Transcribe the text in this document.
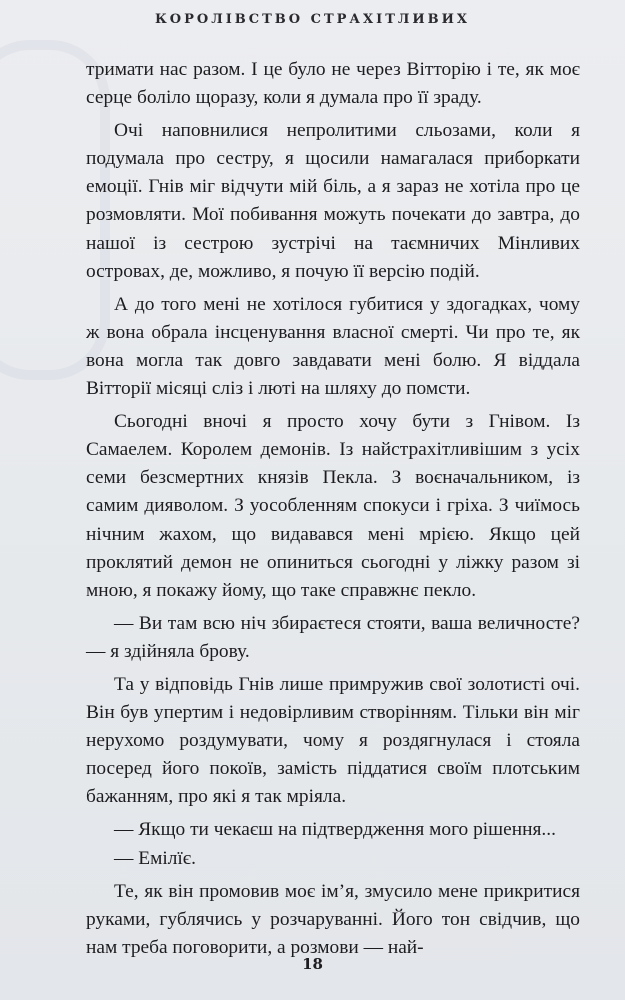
КОРОЛІВСТВО СТРАХІТЛИВИХ

тримати нас разом. І це було не через Вітторію і те, як моє серце боліло щоразу, коли я думала про її зраду.

Очі наповнилися непролитими сльозами, коли я подумала про сестру, я щосили намагалася приборкати емоції. Гнів міг відчути мій біль, а я зараз не хотіла про це розмовляти. Мої побивання можуть почекати до завтра, до нашої із сестрою зустрічі на таємничих Мінливих островах, де, можливо, я почую її версію подій.

А до того мені не хотілося губитися у здогадках, чому ж вона обрала інсценування власної смерті. Чи про те, як вона могла так довго завдавати мені болю. Я віддала Вітторії місяці сліз і люті на шляху до помсти.

Сьогодні вночі я просто хочу бути з Гнівом. Із Самаелем. Королем демонів. Із найстрахітливішим з усіх семи безсмертних князів Пекла. З воєначальником, із самим дияволом. З уособленням спокуси і гріха. З чиїмось нічним жахом, що видавався мені мрією. Якщо цей проклятий демон не опиниться сьогодні у ліжку разом зі мною, я покажу йому, що таке справжнє пекло.

— Ви там всю ніч збираєтеся стояти, ваша величносте? — я здійняла брову.

Та у відповідь Гнів лише примружив свої золотисті очі. Він був упертим і недовірливим створінням. Тільки він міг нерухомо роздумувати, чому я роздягнулася і стояла посеред його покоїв, замість піддатися своїм плотським бажанням, про які я так мріяла.

— Якщо ти чекаєш на підтвердження мого рішення...

— Емілїє.

Те, як він промовив моє ім’я, змусило мене прикритися руками, гублячись у розчаруванні. Його тон свідчив, що нам треба поговорити, а розмови — най-

18
